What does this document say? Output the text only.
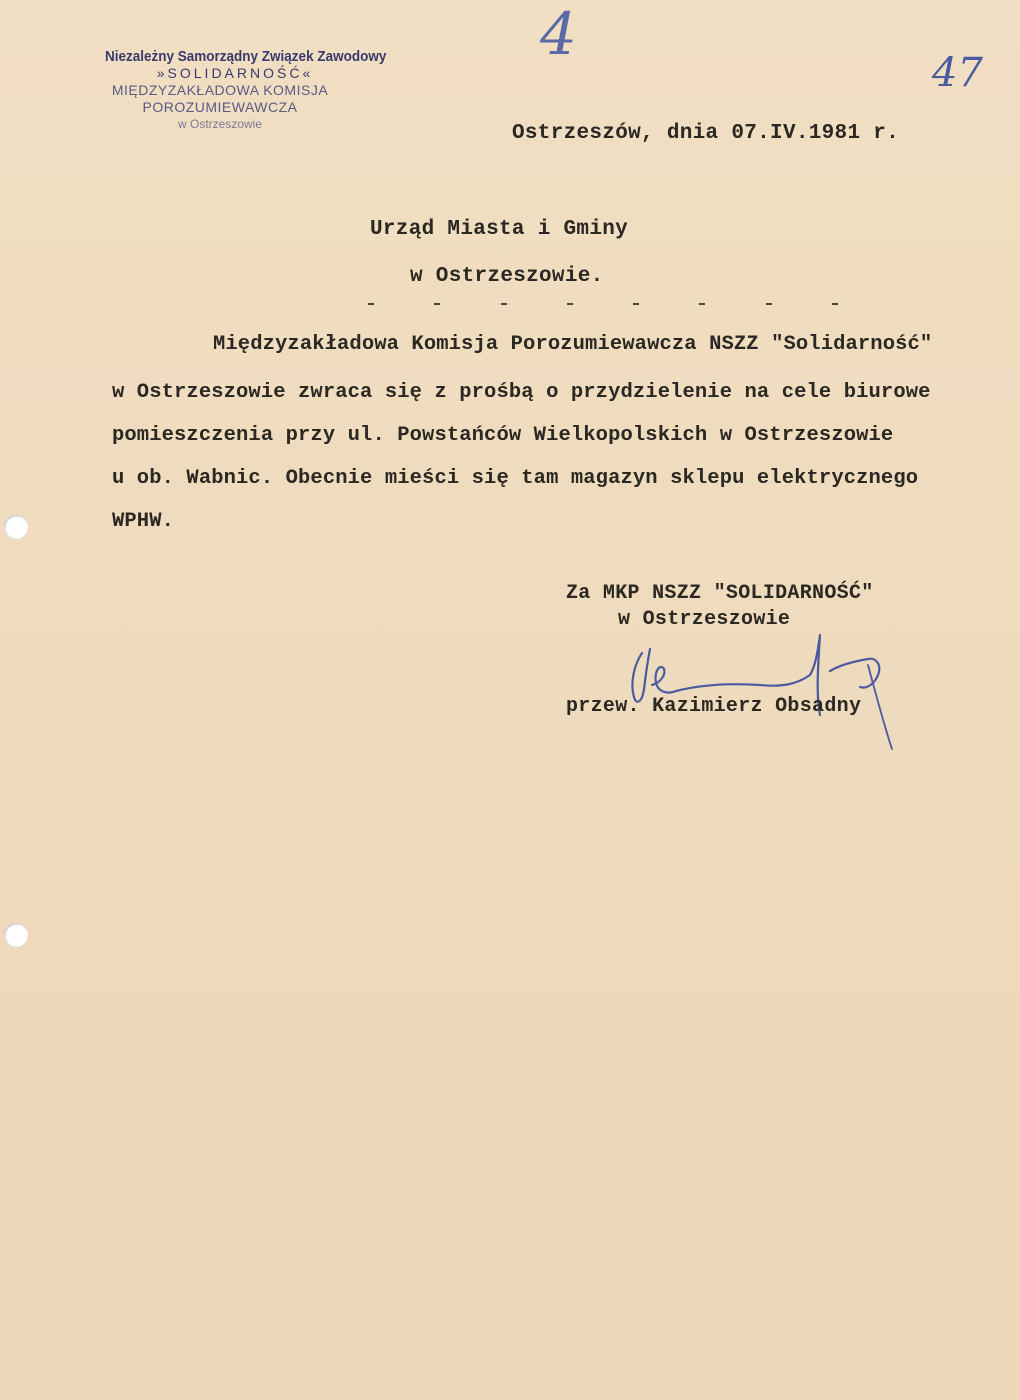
Niezależny Samorządny Związek Zawodowy
»SOLIDARNOŚĆ«
MIĘDZYZAKŁADOWA KOMISJA
POROZUMIEWAWCZA
w Ostrzeszowie
4
47
Ostrzeszów, dnia 07.IV.1981 r.
Urząd Miasta i Gminy
w Ostrzeszowie.
Międzyzakładowa Komisja Porozumiewawcza NSZZ "Solidarność"
w Ostrzeszowie zwraca się z prośbą o przydzielenie na cele biurowe
pomieszczenia przy ul. Powstańców Wielkopolskich w Ostrzeszowie
u ob. Wabnic. Obecnie mieści się tam magazyn sklepu elektrycznego
WPHW.
Za MKP NSZZ "SOLIDARNOŚĆ"
w Ostrzeszowie
przew. Kazimierz Obsadny
